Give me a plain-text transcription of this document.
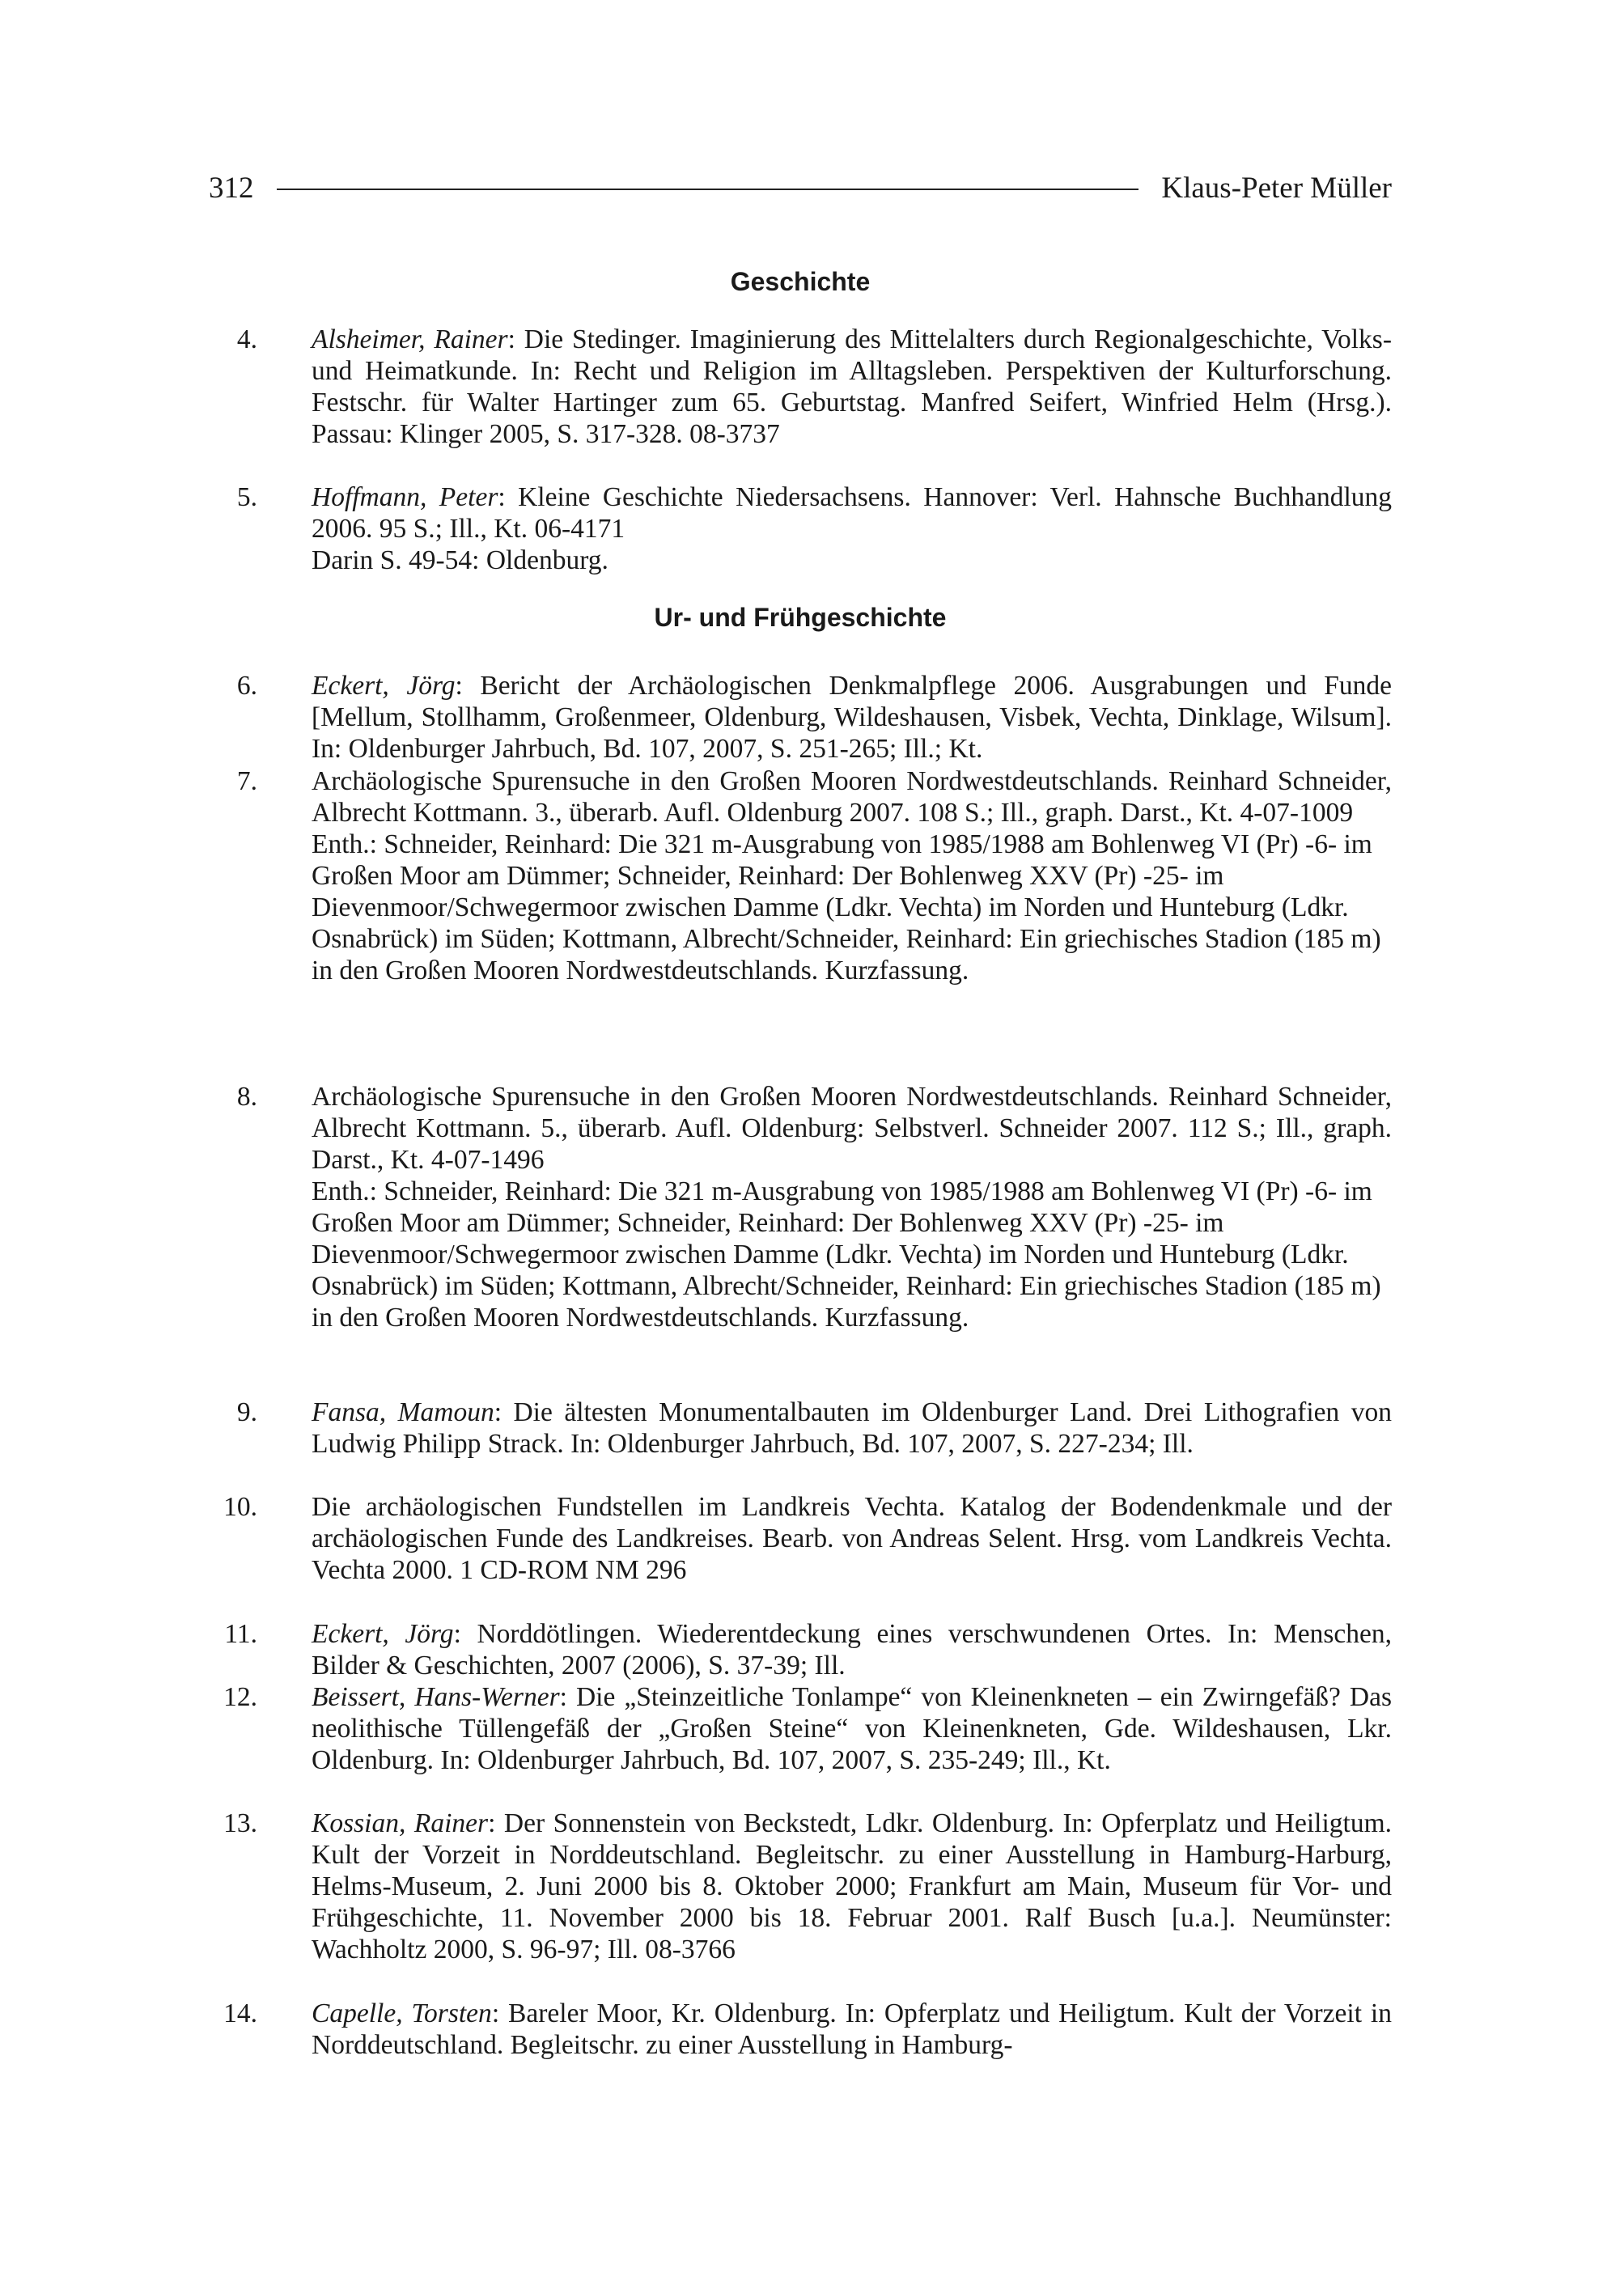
312	Klaus-Peter Müller
Geschichte
4. Alsheimer, Rainer: Die Stedinger. Imaginierung des Mittelalters durch Regionalgeschichte, Volks- und Heimatkunde. In: Recht und Religion im Alltagsleben. Perspektiven der Kulturforschung. Festschr. für Walter Hartinger zum 65. Geburtstag. Manfred Seifert, Winfried Helm (Hrsg.). Passau: Klinger 2005, S. 317-328. 08-3737
5. Hoffmann, Peter: Kleine Geschichte Niedersachsens. Hannover: Verl. Hahnsche Buchhandlung 2006. 95 S.; Ill., Kt. 06-4171
Darin S. 49-54: Oldenburg.
Ur- und Frühgeschichte
6. Eckert, Jörg: Bericht der Archäologischen Denkmalpflege 2006. Ausgrabungen und Funde [Mellum, Stollhamm, Großenmeer, Oldenburg, Wildeshausen, Visbek, Vechta, Dinklage, Wilsum]. In: Oldenburger Jahrbuch, Bd. 107, 2007, S. 251-265; Ill.; Kt.
7. Archäologische Spurensuche in den Großen Mooren Nordwestdeutschlands. Reinhard Schneider, Albrecht Kottmann. 3., überarb. Aufl. Oldenburg 2007. 108 S.; Ill., graph. Darst., Kt. 4-07-1009
Enth.: Schneider, Reinhard: Die 321 m-Ausgrabung von 1985/1988 am Bohlenweg VI (Pr) -6- im Großen Moor am Dümmer; Schneider, Reinhard: Der Bohlenweg XXV (Pr) -25- im Dievenmoor/Schwegermoor zwischen Damme (Ldkr. Vechta) im Norden und Hunteburg (Ldkr. Osnabrück) im Süden; Kottmann, Albrecht/Schneider, Reinhard: Ein griechisches Stadion (185 m) in den Großen Mooren Nordwestdeutschlands. Kurzfassung.
8. Archäologische Spurensuche in den Großen Mooren Nordwestdeutschlands. Reinhard Schneider, Albrecht Kottmann. 5., überarb. Aufl. Oldenburg: Selbstverl. Schneider 2007. 112 S.; Ill., graph. Darst., Kt. 4-07-1496
Enth.: Schneider, Reinhard: Die 321 m-Ausgrabung von 1985/1988 am Bohlenweg VI (Pr) -6- im Großen Moor am Dümmer; Schneider, Reinhard: Der Bohlenweg XXV (Pr) -25- im Dievenmoor/Schwegermoor zwischen Damme (Ldkr. Vechta) im Norden und Hunteburg (Ldkr. Osnabrück) im Süden; Kottmann, Albrecht/Schneider, Reinhard: Ein griechisches Stadion (185 m) in den Großen Mooren Nordwestdeutschlands. Kurzfassung.
9. Fansa, Mamoun: Die ältesten Monumentalbauten im Oldenburger Land. Drei Lithografien von Ludwig Philipp Strack. In: Oldenburger Jahrbuch, Bd. 107, 2007, S. 227-234; Ill.
10. Die archäologischen Fundstellen im Landkreis Vechta. Katalog der Bodendenkmale und der archäologischen Funde des Landkreises. Bearb. von Andreas Selent. Hrsg. vom Landkreis Vechta. Vechta 2000. 1 CD-ROM NM 296
11. Eckert, Jörg: Norddötlingen. Wiederentdeckung eines verschwundenen Ortes. In: Menschen, Bilder & Geschichten, 2007 (2006), S. 37-39; Ill.
12. Beissert, Hans-Werner: Die „Steinzeitliche Tonlampe“ von Kleinenkneten – ein Zwirngefäß? Das neolithische Tüllengefäß der „Großen Steine“ von Kleinenkneten, Gde. Wildeshausen, Lkr. Oldenburg. In: Oldenburger Jahrbuch, Bd. 107, 2007, S. 235-249; Ill., Kt.
13. Kossian, Rainer: Der Sonnenstein von Beckstedt, Ldkr. Oldenburg. In: Opferplatz und Heiligtum. Kult der Vorzeit in Norddeutschland. Begleitschr. zu einer Ausstellung in Hamburg-Harburg, Helms-Museum, 2. Juni 2000 bis 8. Oktober 2000; Frankfurt am Main, Museum für Vor- und Frühgeschichte, 11. November 2000 bis 18. Februar 2001. Ralf Busch [u.a.]. Neumünster: Wachholtz 2000, S. 96-97; Ill. 08-3766
14. Capelle, Torsten: Bareler Moor, Kr. Oldenburg. In: Opferplatz und Heiligtum. Kult der Vorzeit in Norddeutschland. Begleitschr. zu einer Ausstellung in Hamburg-
